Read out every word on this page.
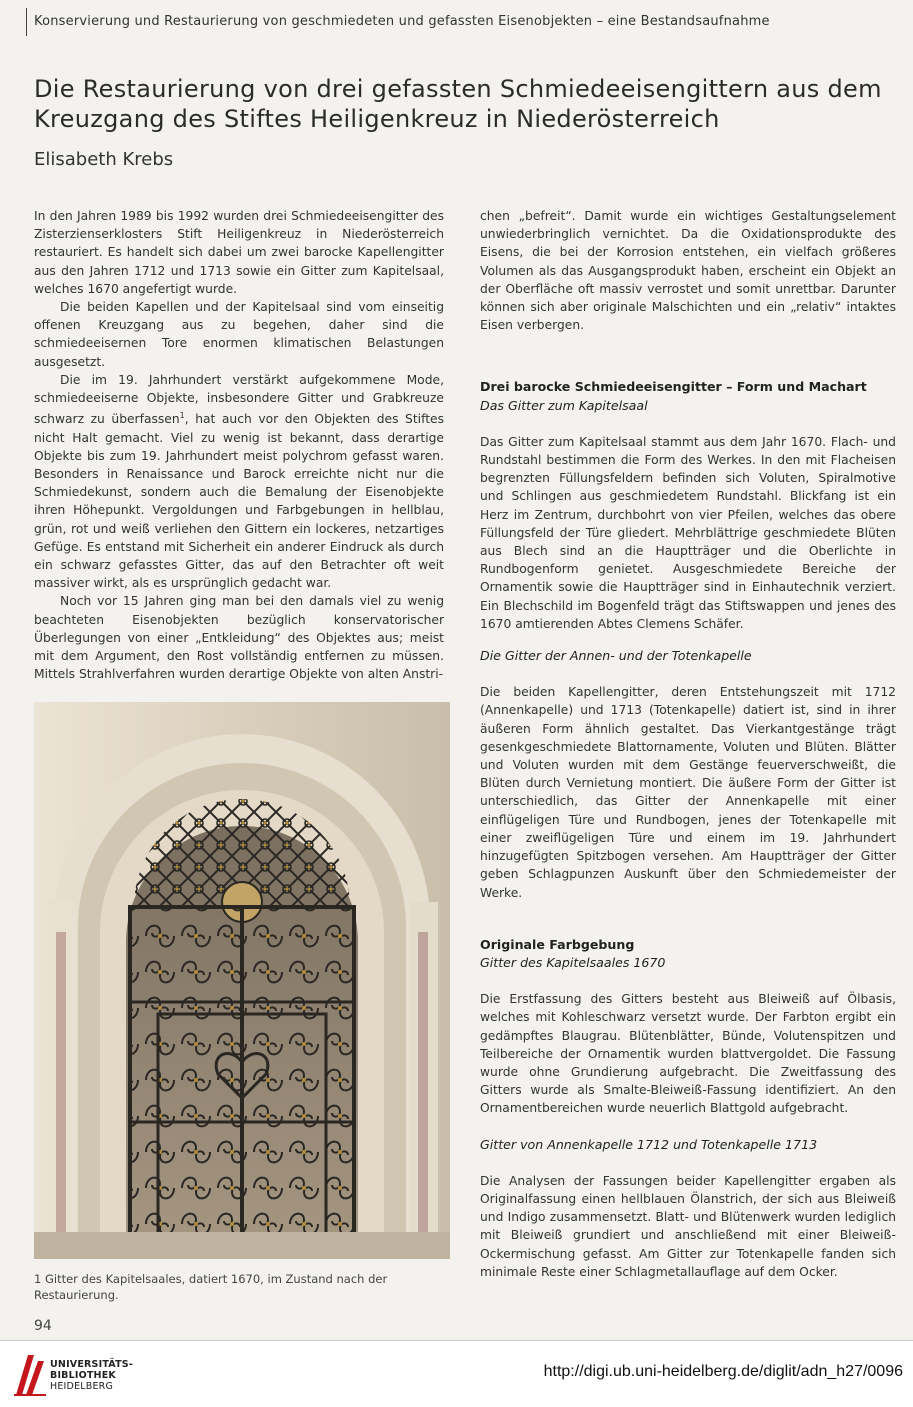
Konservierung und Restaurierung von geschmiedeten und gefassten Eisenobjekten – eine Bestandsaufnahme
Die Restaurierung von drei gefassten Schmiedeeisengittern aus dem Kreuzgang des Stiftes Heiligenkreuz in Niederösterreich
Elisabeth Krebs

In den Jahren 1989 bis 1992 wurden drei Schmiedeeisengitter des Zisterzienserklosters Stift Heiligenkreuz in Niederösterreich restauriert. Es handelt sich dabei um zwei barocke Kapellengitter aus den Jahren 1712 und 1713 sowie ein Gitter zum Kapitelsaal, welches 1670 angefertigt wurde.

Die beiden Kapellen und der Kapitelsaal sind vom einseitig offenen Kreuzgang aus zu begehen, daher sind die schmiedeeisernen Tore enormen klimatischen Belastungen ausgesetzt.

Die im 19. Jahrhundert verstärkt aufgekommene Mode, schmiedeeiserne Objekte, insbesondere Gitter und Grabkreuze schwarz zu überfassen$^1$, hat auch vor den Objekten des Stiftes nicht Halt gemacht. Viel zu wenig ist bekannt, dass derartige Objekte bis zum 19. Jahrhundert meist polychrom gefasst waren. Besonders in Renaissance und Barock erreichte nicht nur die Schmiedekunst, sondern auch die Bemalung der Eisenobjekte ihren Höhepunkt. Vergoldungen und Farbgebungen in hellblau, grün, rot und weiß verliehen den Gittern ein lockeres, netzartiges Gefüge. Es entstand mit Sicherheit ein anderer Eindruck als durch ein schwarz gefasstes Gitter, das auf den Betrachter oft weit massiver wirkt, als es ursprünglich gedacht war.

Noch vor 15 Jahren ging man bei den damals viel zu wenig beachteten Eisenobjekten bezüglich konservatorischer Überlegungen von einer „Entkleidung“ des Objektes aus; meist mit dem Argument, den Rost vollständig entfernen zu müssen. Mittels Strahlverfahren wurden derartige Objekte von alten Anstri-

chen „befreit“. Damit wurde ein wichtiges Gestaltungselement unwiederbringlich vernichtet. Da die Oxidationsprodukte des Eisens, die bei der Korrosion entstehen, ein vielfach größeres Volumen als das Ausgangsprodukt haben, erscheint ein Objekt an der Oberfläche oft massiv verrostet und somit unrettbar. Darunter können sich aber originale Malschichten und ein „relativ“ intaktes Eisen verbergen.

Drei barocke Schmiedeeisengitter – Form und Machart

Das Gitter zum Kapitelsaal

Das Gitter zum Kapitelsaal stammt aus dem Jahr 1670. Flach- und Rundstahl bestimmen die Form des Werkes. In den mit Flacheisen begrenzten Füllungsfeldern befinden sich Voluten, Spiralmotive und Schlingen aus geschmiedetem Rundstahl. Blickfang ist ein Herz im Zentrum, durchbohrt von vier Pfeilen, welches das obere Füllungsfeld der Türe gliedert. Mehrblättrige geschmiedete Blüten aus Blech sind an die Hauptträger und die Oberlichte in Rundbogenform genietet. Ausgeschmiedete Bereiche der Ornamentik sowie die Hauptträger sind in Einhautechnik verziert. Ein Blechschild im Bogenfeld trägt das Stiftswappen und jenes des 1670 amtierenden Abtes Clemens Schäfer.

Die Gitter der Annen- und der Totenkapelle

Die beiden Kapellengitter, deren Entstehungszeit mit 1712 (Annenkapelle) und 1713 (Totenkapelle) datiert ist, sind in ihrer äußeren Form ähnlich gestaltet. Das Vierkantgestänge trägt gesenkgeschmiedete Blattornamente, Voluten und Blüten. Blätter und Voluten wurden mit dem Gestänge feuerverschweißt, die Blüten durch Vernietung montiert. Die äußere Form der Gitter ist unterschiedlich, das Gitter der Annenkapelle mit einer einflügeligen Türe und Rundbogen, jenes der Totenkapelle mit einer zweiflügeligen Türe und einem im 19. Jahrhundert hinzugefügten Spitzbogen versehen. Am Hauptträger der Gitter geben Schlagpunzen Auskunft über den Schmiedemeister der Werke.

Originale Farbgebung

Gitter des Kapitelsaales 1670

Die Erstfassung des Gitters besteht aus Bleiweiß auf Ölbasis, welches mit Kohleschwarz versetzt wurde. Der Farbton ergibt ein gedämpftes Blaugrau. Blütenblätter, Bünde, Volutenspitzen und Teilbereiche der Ornamentik wurden blattvergoldet. Die Fassung wurde ohne Grundierung aufgebracht. Die Zweitfassung des Gitters wurde als Smalte-Bleiweiß-Fassung identifiziert. An den Ornamentbereichen wurde neuerlich Blattgold aufgebracht.

Gitter von Annenkapelle 1712 und Totenkapelle 1713

Die Analysen der Fassungen beider Kapellengitter ergaben als Originalfassung einen hellblauen Ölanstrich, der sich aus Bleiweiß und Indigo zusammensetzt. Blatt- und Blütenwerk wurden lediglich mit Bleiweiß grundiert und anschließend mit einer Bleiweiß-Ockermischung gefasst. Am Gitter zur Totenkapelle fanden sich minimale Reste einer Schlagmetallauflage auf dem Ocker.

1 Gitter des Kapitelsaales, datiert 1670, im Zustand nach der Restaurierung.
94
UNIVERSITÄTS-
BIBLIOTHEK
HEIDELBERG
http://digi.ub.uni-heidelberg.de/diglit/adn_h27/0096
